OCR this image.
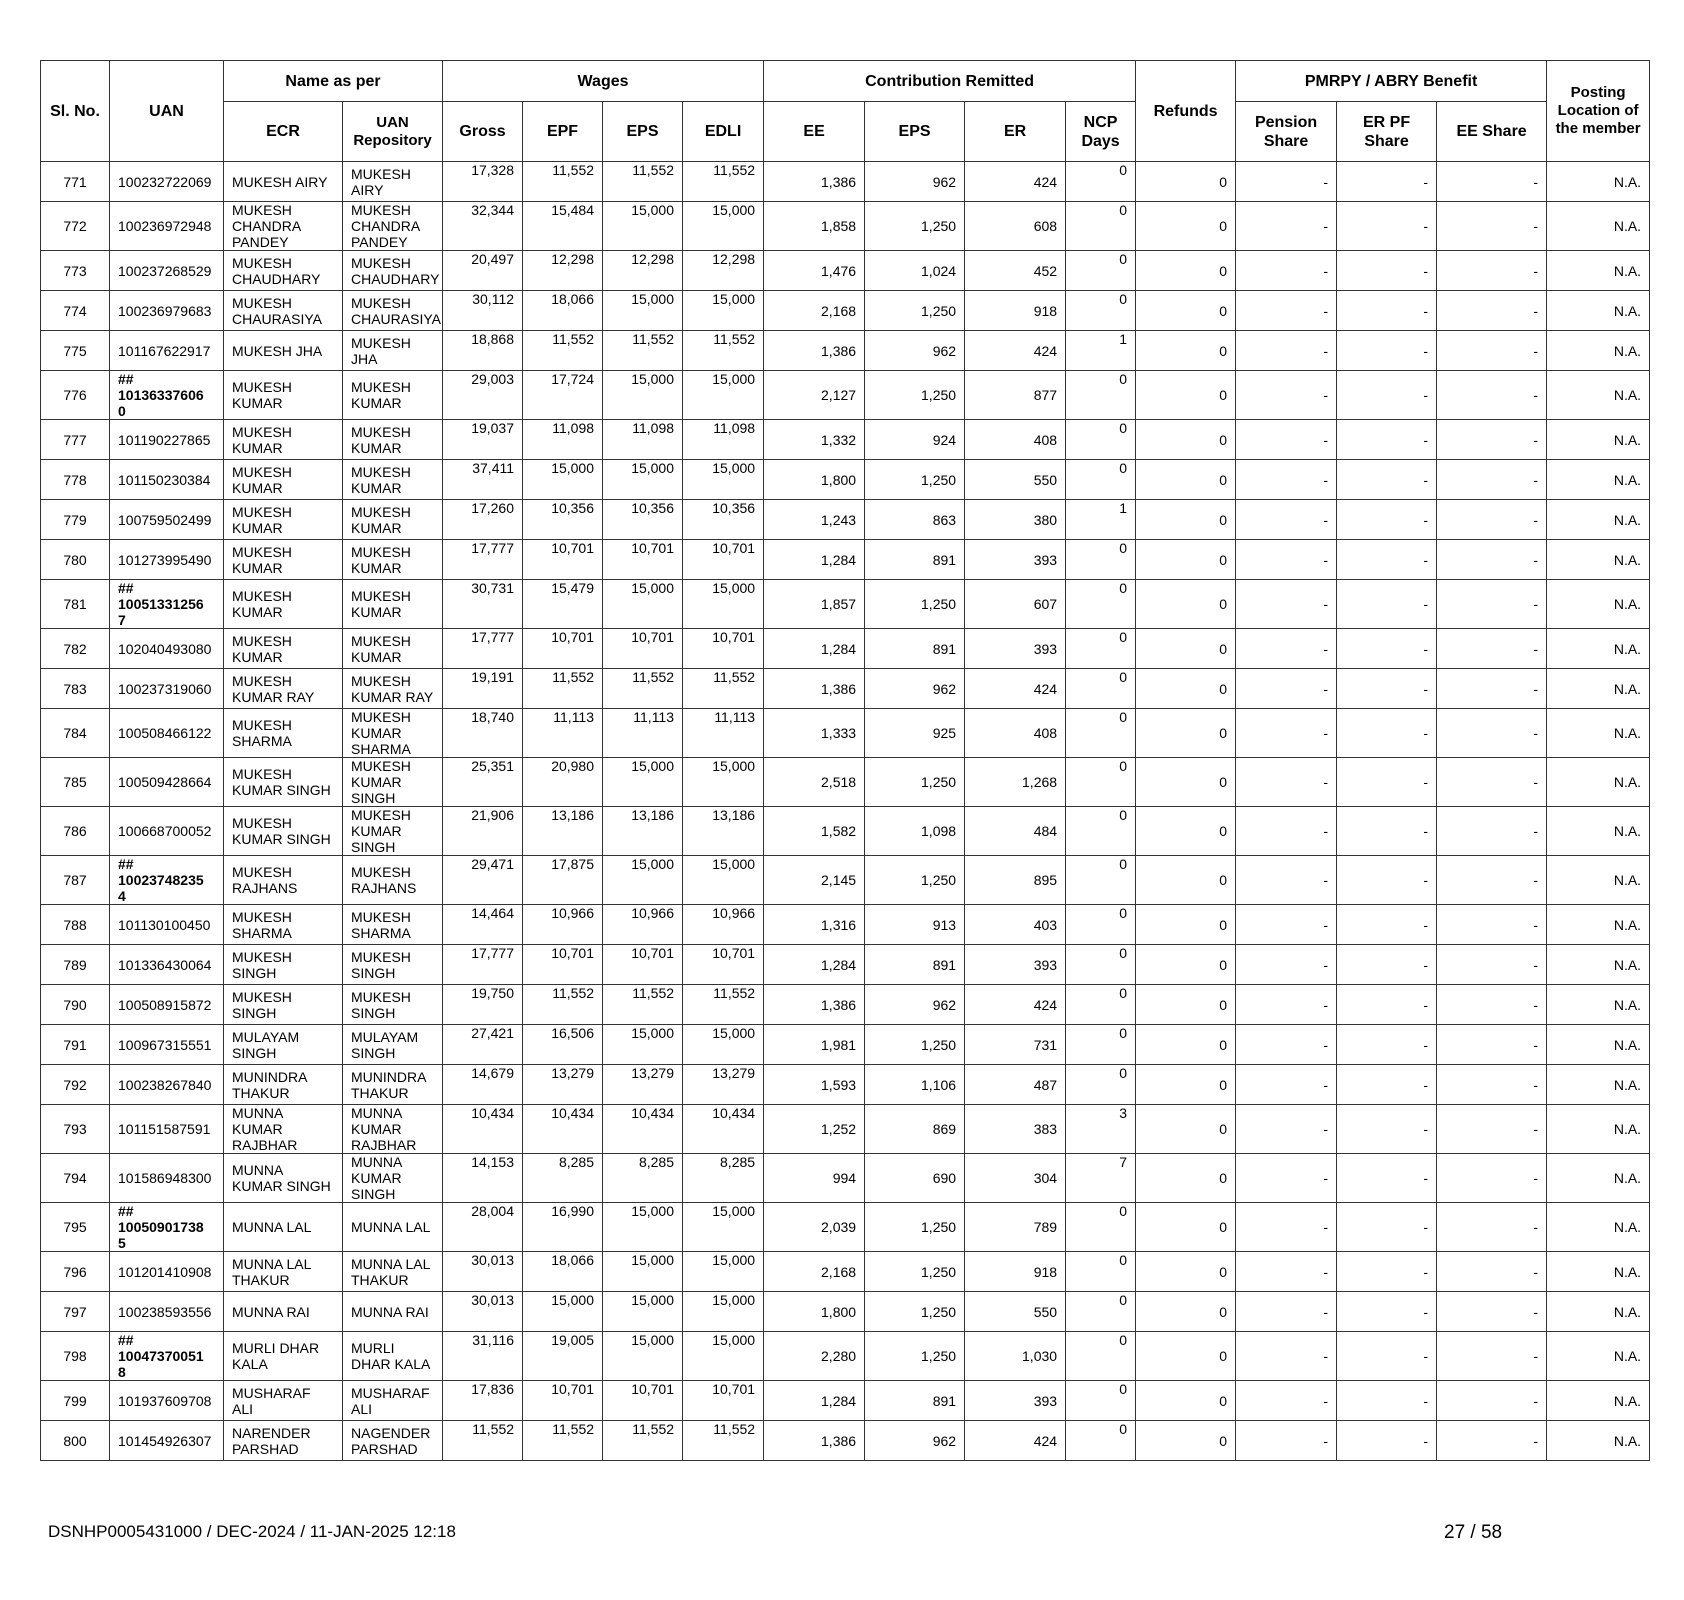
Sl. No.	UAN	Name as per		Wages				Contribution Remitted				Refunds	PMRPY / ABRY Benefit			Posting Location of the member
		ECR	UAN Repository	Gross	EPF	EPS	EDLI	EE	EPS	ER	NCP Days		Pension Share	ER PF Share	EE Share	
771	100232722069	MUKESH AIRY	MUKESH AIRY	17,328	11,552	11,552	11,552	1,386	962	424	0	0	-	-	-	N.A.
772	100236972948	MUKESH CHANDRA PANDEY	MUKESH CHANDRA PANDEY	32,344	15,484	15,000	15,000	1,858	1,250	608	0	0	-	-	-	N.A.
773	100237268529	MUKESH CHAUDHARY	MUKESH CHAUDHARY	20,497	12,298	12,298	12,298	1,476	1,024	452	0	0	-	-	-	N.A.
774	100236979683	MUKESH CHAURASIYA	MUKESH CHAURASIYA	30,112	18,066	15,000	15,000	2,168	1,250	918	0	0	-	-	-	N.A.
775	101167622917	MUKESH JHA	MUKESH JHA	18,868	11,552	11,552	11,552	1,386	962	424	1	0	-	-	-	N.A.
776	## 10136337606 0	MUKESH KUMAR	MUKESH KUMAR	29,003	17,724	15,000	15,000	2,127	1,250	877	0	0	-	-	-	N.A.
777	101190227865	MUKESH KUMAR	MUKESH KUMAR	19,037	11,098	11,098	11,098	1,332	924	408	0	0	-	-	-	N.A.
778	101150230384	MUKESH KUMAR	MUKESH KUMAR	37,411	15,000	15,000	15,000	1,800	1,250	550	0	0	-	-	-	N.A.
779	100759502499	MUKESH KUMAR	MUKESH KUMAR	17,260	10,356	10,356	10,356	1,243	863	380	1	0	-	-	-	N.A.
780	101273995490	MUKESH KUMAR	MUKESH KUMAR	17,777	10,701	10,701	10,701	1,284	891	393	0	0	-	-	-	N.A.
781	## 10051331256 7	MUKESH KUMAR	MUKESH KUMAR	30,731	15,479	15,000	15,000	1,857	1,250	607	0	0	-	-	-	N.A.
782	102040493080	MUKESH KUMAR	MUKESH KUMAR	17,777	10,701	10,701	10,701	1,284	891	393	0	0	-	-	-	N.A.
783	100237319060	MUKESH KUMAR RAY	MUKESH KUMAR RAY	19,191	11,552	11,552	11,552	1,386	962	424	0	0	-	-	-	N.A.
784	100508466122	MUKESH SHARMA	MUKESH KUMAR SHARMA	18,740	11,113	11,113	11,113	1,333	925	408	0	0	-	-	-	N.A.
785	100509428664	MUKESH KUMAR SINGH	MUKESH KUMAR SINGH	25,351	20,980	15,000	15,000	2,518	1,250	1,268	0	0	-	-	-	N.A.
786	100668700052	MUKESH KUMAR SINGH	MUKESH KUMAR SINGH	21,906	13,186	13,186	13,186	1,582	1,098	484	0	0	-	-	-	N.A.
787	## 10023748235 4	MUKESH RAJHANS	MUKESH RAJHANS	29,471	17,875	15,000	15,000	2,145	1,250	895	0	0	-	-	-	N.A.
788	101130100450	MUKESH SHARMA	MUKESH SHARMA	14,464	10,966	10,966	10,966	1,316	913	403	0	0	-	-	-	N.A.
789	101336430064	MUKESH SINGH	MUKESH SINGH	17,777	10,701	10,701	10,701	1,284	891	393	0	0	-	-	-	N.A.
790	100508915872	MUKESH SINGH	MUKESH SINGH	19,750	11,552	11,552	11,552	1,386	962	424	0	0	-	-	-	N.A.
791	100967315551	MULAYAM SINGH	MULAYAM SINGH	27,421	16,506	15,000	15,000	1,981	1,250	731	0	0	-	-	-	N.A.
792	100238267840	MUNINDRA THAKUR	MUNINDRA THAKUR	14,679	13,279	13,279	13,279	1,593	1,106	487	0	0	-	-	-	N.A.
793	101151587591	MUNNA KUMAR RAJBHAR	MUNNA KUMAR RAJBHAR	10,434	10,434	10,434	10,434	1,252	869	383	3	0	-	-	-	N.A.
794	101586948300	MUNNA KUMAR SINGH	MUNNA KUMAR SINGH	14,153	8,285	8,285	8,285	994	690	304	7	0	-	-	-	N.A.
795	## 10050901738 5	MUNNA LAL	MUNNA LAL	28,004	16,990	15,000	15,000	2,039	1,250	789	0	0	-	-	-	N.A.
796	101201410908	MUNNA LAL THAKUR	MUNNA LAL THAKUR	30,013	18,066	15,000	15,000	2,168	1,250	918	0	0	-	-	-	N.A.
797	100238593556	MUNNA RAI	MUNNA RAI	30,013	15,000	15,000	15,000	1,800	1,250	550	0	0	-	-	-	N.A.
798	## 10047370051 8	MURLI DHAR KALA	MURLI DHAR KALA	31,116	19,005	15,000	15,000	2,280	1,250	1,030	0	0	-	-	-	N.A.
799	101937609708	MUSHARAF ALI	MUSHARAF ALI	17,836	10,701	10,701	10,701	1,284	891	393	0	0	-	-	-	N.A.
800	101454926307	NARENDER PARSHAD	NAGENDER PARSHAD	11,552	11,552	11,552	11,552	1,386	962	424	0	0	-	-	-	N.A.
DSNHP0005431000 / DEC-2024 / 11-JAN-2025 12:18	27 / 58
